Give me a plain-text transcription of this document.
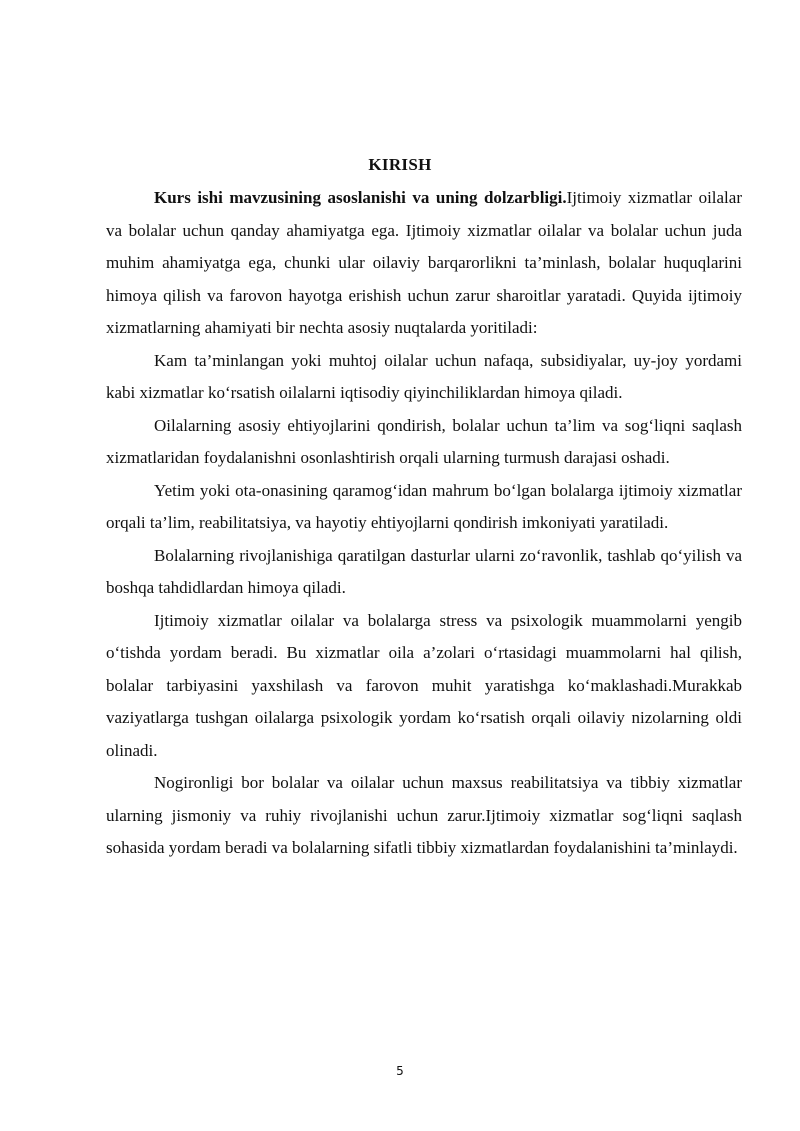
KIRISH

Kurs ishi mavzusining asoslanishi va uning dolzarbligi.Ijtimoiy xizmatlar oilalar va bolalar uchun qanday ahamiyatga ega. Ijtimoiy xizmatlar oilalar va bolalar uchun juda muhim ahamiyatga ega, chunki ular oilaviy barqarorlikni ta’minlash, bolalar huquqlarini himoya qilish va farovon hayotga erishish uchun zarur sharoitlar yaratadi. Quyida ijtimoiy xizmatlarning ahamiyati bir nechta asosiy nuqtalarda yoritiladi:

Kam ta’minlangan yoki muhtoj oilalar uchun nafaqa, subsidiyalar, uy-joy yordami kabi xizmatlar ko‘rsatish oilalarni iqtisodiy qiyinchiliklardan himoya qiladi.

Oilalarning asosiy ehtiyojlarini qondirish, bolalar uchun ta’lim va sog‘liqni saqlash xizmatlaridan foydalanishni osonlashtirish orqali ularning turmush darajasi oshadi.

Yetim yoki ota-onasining qaramog‘idan mahrum bo‘lgan bolalarga ijtimoiy xizmatlar orqali ta’lim, reabilitatsiya, va hayotiy ehtiyojlarni qondirish imkoniyati yaratiladi.

Bolalarning rivojlanishiga qaratilgan dasturlar ularni zo‘ravonlik, tashlab qo‘yilish va boshqa tahdidlardan himoya qiladi.

Ijtimoiy xizmatlar oilalar va bolalarga stress va psixologik muammolarni yengib o‘tishda yordam beradi. Bu xizmatlar oila a’zolari o‘rtasidagi muammolarni hal qilish, bolalar tarbiyasini yaxshilash va farovon muhit yaratishga ko‘maklashadi.Murakkab vaziyatlarga tushgan oilalarga psixologik yordam ko‘rsatish orqali oilaviy nizolarning oldi olinadi.

Nogironligi bor bolalar va oilalar uchun maxsus reabilitatsiya va tibbiy xizmatlar ularning jismoniy va ruhiy rivojlanishi uchun zarur.Ijtimoiy xizmatlar sog‘liqni saqlash sohasida yordam beradi va bolalarning sifatli tibbiy xizmatlardan foydalanishini ta’minlaydi.

5
